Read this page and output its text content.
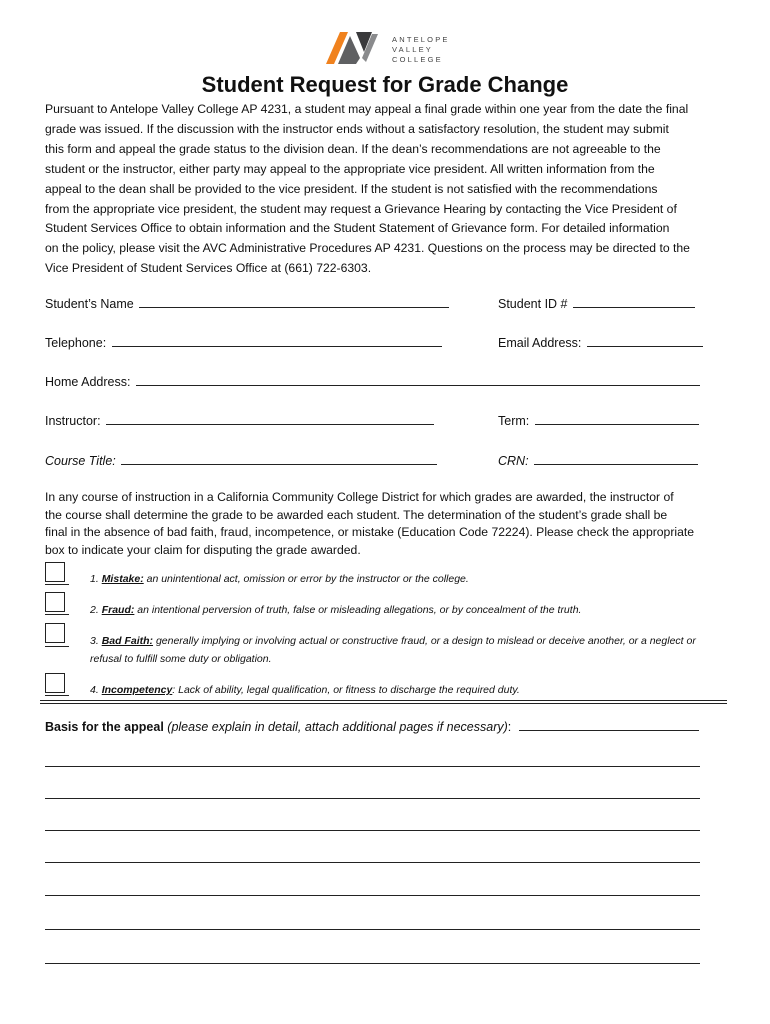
ANTELOPE
VALLEY
COLLEGE
Student Request for Grade Change

Pursuant to Antelope Valley College AP 4231, a student may appeal a final grade within one year from the date the final
grade was issued. If the discussion with the instructor ends without a satisfactory resolution, the student may submit
this form and appeal the grade status to the division dean. If the dean’s recommendations are not agreeable to the
student or the instructor, either party may appeal to the appropriate vice president. All written information from the
appeal to the dean shall be provided to the vice president. If the student is not satisfied with the recommendations
from the appropriate vice president, the student may request a Grievance Hearing by contacting the Vice President of
Student Services Office to obtain information and the Student Statement of Grievance form. For detailed information
on the policy, please visit the AVC Administrative Procedures AP 4231. Questions on the process may be directed to the
Vice President of Student Services Office at (661) 722-6303.

Student’s Name	Student ID #
Telephone:	Email Address:
Home Address:
Instructor:	Term:
Course Title:	CRN:
In any course of instruction in a California Community College District for which grades are awarded, the instructor of
the course shall determine the grade to be awarded each student. The determination of the student’s grade shall be
final in the absence of bad faith, fraud, incompetence, or mistake (Education Code 72224). Please check the appropriate
box to indicate your claim for disputing the grade awarded.
1. Mistake: an unintentional act, omission or error by the instructor or the college.
2. Fraud: an intentional perversion of truth, false or misleading allegations, or by concealment of the truth.
3. Bad Faith: generally implying or involving actual or constructive fraud, or a design to mislead or deceive another, or a neglect or refusal to fulfill some duty or obligation.
4. Incompetency: Lack of ability, legal qualification, or fitness to discharge the required duty.
Basis for the appeal (please explain in detail, attach additional pages if necessary):
